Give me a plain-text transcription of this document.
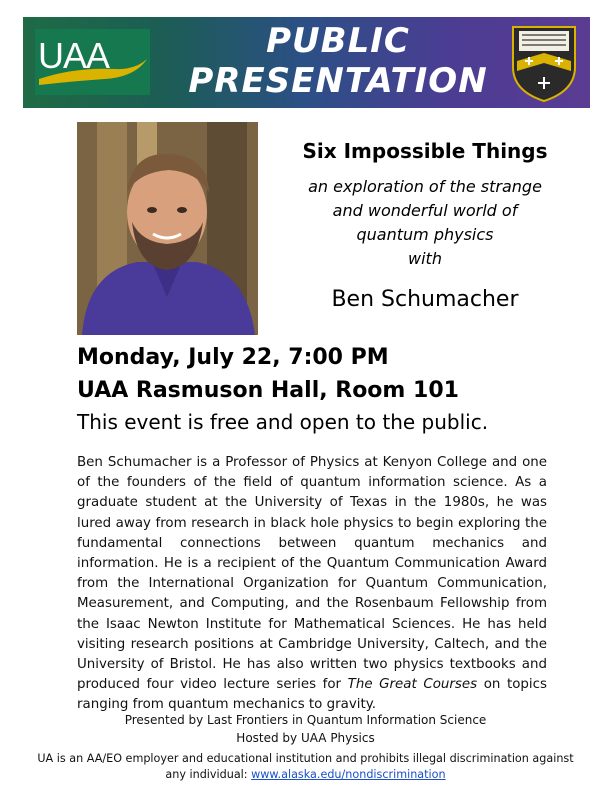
UAA	PUBLIC
PRESENTATION
Six Impossible Things
an exploration of the strange
and wonderful world of
quantum physics
with
Ben Schumacher
Monday, July 22, 7:00 PM
UAA Rasmuson Hall, Room 101
This event is free and open to the public.

Ben Schumacher is a Professor of Physics at Kenyon College and one of the founders of the field of quantum information science. As a graduate student at the University of Texas in the 1980s, he was lured away from research in black hole physics to begin exploring the fundamental connections between quantum mechanics and information. He is a recipient of the Quantum Communication Award from the International Organization for Quantum Communication, Measurement, and Computing, and the Rosenbaum Fellowship from the Isaac Newton Institute for Mathematical Sciences. He has held visiting research positions at Cambridge University, Caltech, and the University of Bristol. He has also written two physics textbooks and produced four video lecture series for The Great Courses on topics ranging from quantum mechanics to gravity.

Presented by Last Frontiers in Quantum Information Science
Hosted by UAA Physics
UA is an AA/EO employer and educational institution and prohibits illegal discrimination against any individual: www.alaska.edu/nondiscrimination
